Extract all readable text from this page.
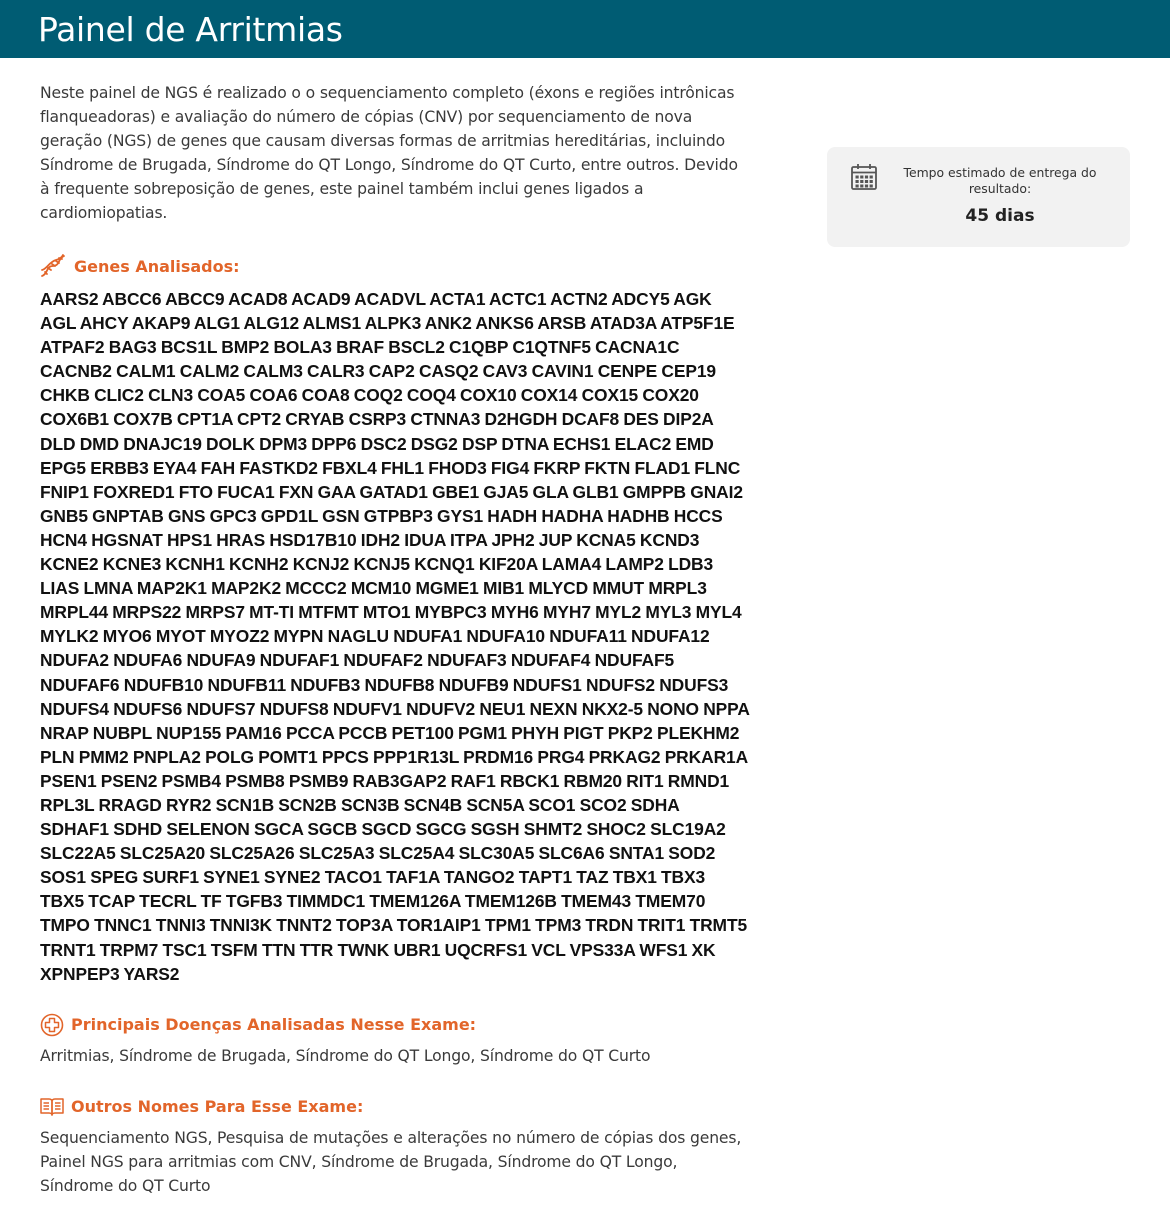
Painel de Arritmias

Neste painel de NGS é realizado o o sequenciamento completo (éxons e regiões intrônicas flanqueadoras) e avaliação do número de cópias (CNV) por sequenciamento de nova geração (NGS) de genes que causam diversas formas de arritmias hereditárias, incluindo Síndrome de Brugada, Síndrome do QT Longo, Síndrome do QT Curto, entre outros. Devido à frequente sobreposição de genes, este painel também inclui genes ligados a cardiomiopatias.

Genes Analisados:
AARS2 ABCC6 ABCC9 ACAD8 ACAD9 ACADVL ACTA1 ACTC1 ACTN2 ADCY5 AGK AGL AHCY AKAP9 ALG1 ALG12 ALMS1 ALPK3 ANK2 ANKS6 ARSB ATAD3A ATP5F1E ATPAF2 BAG3 BCS1L BMP2 BOLA3 BRAF BSCL2 C1QBP C1QTNF5 CACNA1C CACNB2 CALM1 CALM2 CALM3 CALR3 CAP2 CASQ2 CAV3 CAVIN1 CENPE CEP19 CHKB CLIC2 CLN3 COA5 COA6 COA8 COQ2 COQ4 COX10 COX14 COX15 COX20 COX6B1 COX7B CPT1A CPT2 CRYAB CSRP3 CTNNA3 D2HGDH DCAF8 DES DIP2A DLD DMD DNAJC19 DOLK DPM3 DPP6 DSC2 DSG2 DSP DTNA ECHS1 ELAC2 EMD EPG5 ERBB3 EYA4 FAH FASTKD2 FBXL4 FHL1 FHOD3 FIG4 FKRP FKTN FLAD1 FLNC FNIP1 FOXRED1 FTO FUCA1 FXN GAA GATAD1 GBE1 GJA5 GLA GLB1 GMPPB GNAI2 GNB5 GNPTAB GNS GPC3 GPD1L GSN GTPBP3 GYS1 HADH HADHA HADHB HCCS HCN4 HGSNAT HPS1 HRAS HSD17B10 IDH2 IDUA ITPA JPH2 JUP KCNA5 KCND3 KCNE2 KCNE3 KCNH1 KCNH2 KCNJ2 KCNJ5 KCNQ1 KIF20A LAMA4 LAMP2 LDB3 LIAS LMNA MAP2K1 MAP2K2 MCCC2 MCM10 MGME1 MIB1 MLYCD MMUT MRPL3 MRPL44 MRPS22 MRPS7 MT-TI MTFMT MTO1 MYBPC3 MYH6 MYH7 MYL2 MYL3 MYL4 MYLK2 MYO6 MYOT MYOZ2 MYPN NAGLU NDUFA1 NDUFA10 NDUFA11 NDUFA12 NDUFA2 NDUFA6 NDUFA9 NDUFAF1 NDUFAF2 NDUFAF3 NDUFAF4 NDUFAF5 NDUFAF6 NDUFB10 NDUFB11 NDUFB3 NDUFB8 NDUFB9 NDUFS1 NDUFS2 NDUFS3 NDUFS4 NDUFS6 NDUFS7 NDUFS8 NDUFV1 NDUFV2 NEU1 NEXN NKX2-5 NONO NPPA NRAP NUBPL NUP155 PAM16 PCCA PCCB PET100 PGM1 PHYH PIGT PKP2 PLEKHM2 PLN PMM2 PNPLA2 POLG POMT1 PPCS PPP1R13L PRDM16 PRG4 PRKAG2 PRKAR1A PSEN1 PSEN2 PSMB4 PSMB8 PSMB9 RAB3GAP2 RAF1 RBCK1 RBM20 RIT1 RMND1 RPL3L RRAGD RYR2 SCN1B SCN2B SCN3B SCN4B SCN5A SCO1 SCO2 SDHA SDHAF1 SDHD SELENON SGCA SGCB SGCD SGCG SGSH SHMT2 SHOC2 SLC19A2 SLC22A5 SLC25A20 SLC25A26 SLC25A3 SLC25A4 SLC30A5 SLC6A6 SNTA1 SOD2 SOS1 SPEG SURF1 SYNE1 SYNE2 TACO1 TAF1A TANGO2 TAPT1 TAZ TBX1 TBX3 TBX5 TCAP TECRL TF TGFB3 TIMMDC1 TMEM126A TMEM126B TMEM43 TMEM70 TMPO TNNC1 TNNI3 TNNI3K TNNT2 TOP3A TOR1AIP1 TPM1 TPM3 TRDN TRIT1 TRMT5 TRNT1 TRPM7 TSC1 TSFM TTN TTR TWNK UBR1 UQCRFS1 VCL VPS33A WFS1 XK XPNPEP3 YARS2
Principais Doenças Analisadas Nesse Exame:

Arritmias, Síndrome de Brugada, Síndrome do QT Longo, Síndrome do QT Curto

Outros Nomes Para Esse Exame:

Sequenciamento NGS, Pesquisa de mutações e alterações no número de cópias dos genes, Painel NGS para arritmias com CNV, Síndrome de Brugada, Síndrome do QT Longo, Síndrome do QT Curto

Tempo estimado de entrega do resultado:
45 dias
